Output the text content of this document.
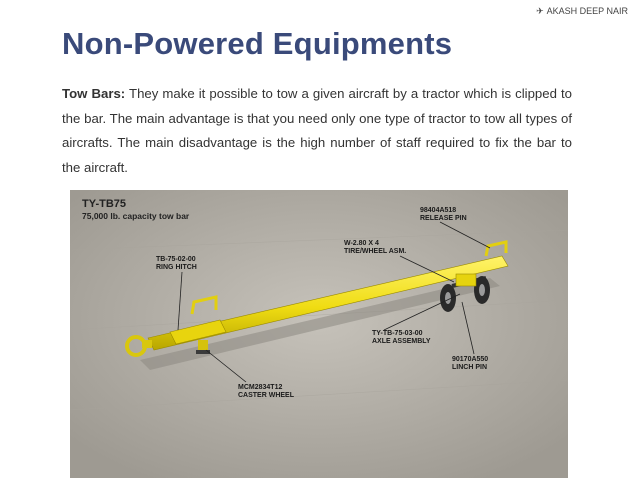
✈ AKASH DEEP NAIR
Non-Powered Equipments

Tow Bars: They make it possible to tow a given aircraft by a tractor which is clipped to the bar. The main advantage is that you need only one type of tractor to tow all types of aircrafts. The main disadvantage is the high number of staff required to fix the bar to the aircraft.

TY-TB75
75,000 lb. capacity tow bar
98404A518
RELEASE PIN
W-2.80 X 4
TIRE/WHEEL ASM.
TB-75-02-00
RING HITCH
TY-TB-75-03-00
AXLE ASSEMBLY
90170A550
LINCH PIN
MCM2834T12
CASTER WHEEL
